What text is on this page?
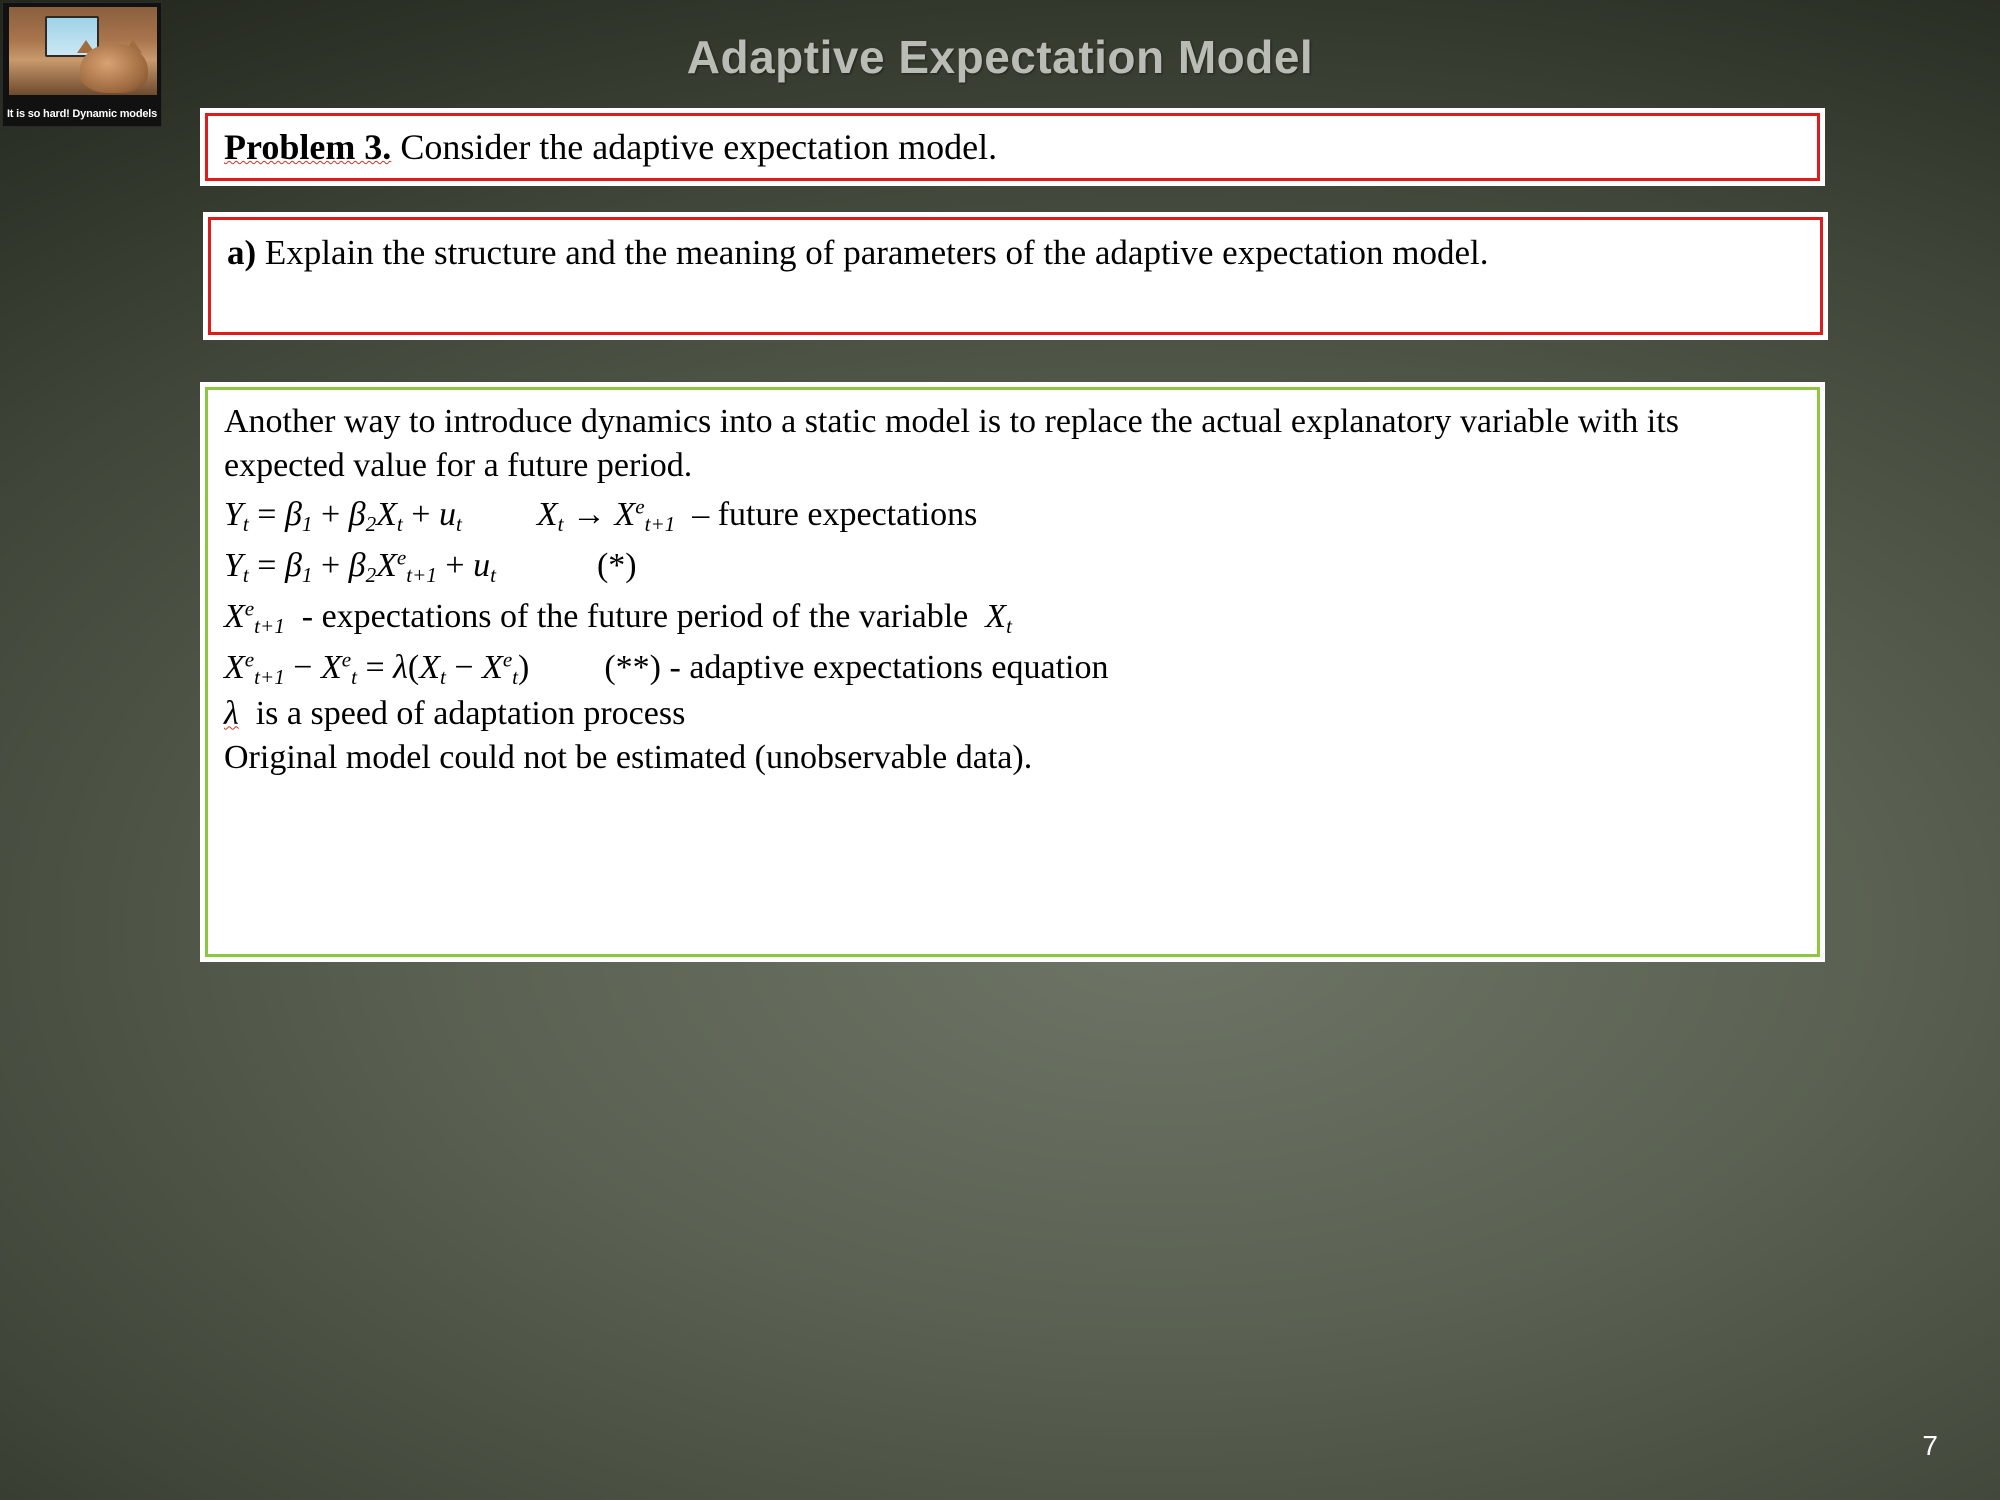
It is so hard! Dynamic models
Adaptive Expectation Model
Problem 3. Consider the adaptive expectation model.
a) Explain the structure and the meaning of parameters of the adaptive expectation model.
Another way to introduce dynamics into a static model is to replace the actual explanatory variable with its expected value for a future period.
$Y_t = \beta_1 + \beta_2X_t + u_t$ $X_t \to X^e_{t+1}$  – future expectations
$Y_t = \beta_1 + \beta_2X^e_{t+1} + u_t$	(*)
$X^e_{t+1}$  - expectations of the future period of the variable  $X_t$
$X^e_{t+1} - X^e_t = \lambda(X_t - X^e_t)$ (**) - adaptive expectations equation
λ  is a speed of adaptation process
Original model could not be estimated (unobservable data).
7
